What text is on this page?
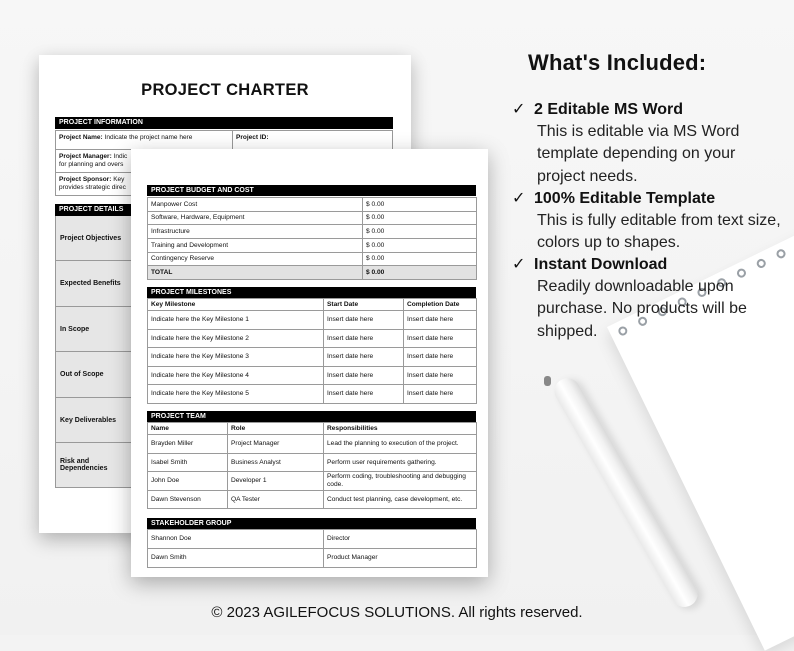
PROJECT CHARTER
PROJECT INFORMATION
Project Name: Indicate the project name here	Project ID:
Project Manager: Indic
for planning and overs
Project Sponsor: Key
provides strategic direc
PROJECT DETAILS
Project Objectives
Expected Benefits
In Scope
Out of Scope
Key Deliverables
Risk and Dependencies
PROJECT BUDGET AND COST
Manpower Cost	$ 0.00
Software, Hardware, Equipment	$ 0.00
Infrastructure	$ 0.00
Training and Development	$ 0.00
Contingency Reserve	$ 0.00
TOTAL	$ 0.00
PROJECT MILESTONES
Key Milestone	Start Date	Completion Date
Indicate here the Key Milestone 1	Insert date here	Insert date here
Indicate here the Key Milestone 2	Insert date here	Insert date here
Indicate here the Key Milestone 3	Insert date here	Insert date here
Indicate here the Key Milestone 4	Insert date here	Insert date here
Indicate here the Key Milestone 5	Insert date here	Insert date here
PROJECT TEAM
Name	Role	Responsibilities
Brayden Miller	Project Manager	Lead the planning to execution of the project.
Isabel Smith	Business Analyst	Perform user requirements gathering.
John Doe	Developer 1	Perform coding, troubleshooting and debugging code.
Dawn Stevenson	QA Tester	Conduct test planning, case development, etc.
STAKEHOLDER GROUP
Shannon Doe	Director
Dawn Smith	Product Manager
What's Included:
✓ 2 Editable MS Word
This is editable via MS Word
template depending on your
project needs.
✓ 100% Editable Template
This is fully editable from text size,
colors up to shapes.
✓ Instant Download
Readily downloadable upon
purchase. No products will be
shipped.
© 2023 AGILEFOCUS SOLUTIONS. All rights reserved.
